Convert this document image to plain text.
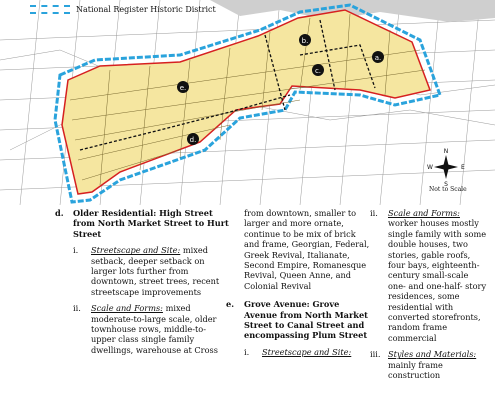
a.
b.
c.
d.
e.
N
S
E
W
National Register Historic District
Not to Scale
d.	Older Residential: High Street from North Market Street to Hurt Street
i.	Streetscape and Site: mixed setback, deeper setback on larger lots further from downtown, street trees, recent streetscape improvements
ii.	Scale and Forms: mixed moderate-to-large scale, older townhouse rows, middle-to-upper class single family dwellings, warehouse at Cross
from downtown, smaller to larger and more ornate, continue to be mix of brick and frame, Georgian, Federal, Greek Revival, Italianate, Second Empire, Romanesque Revival, Queen Anne, and Colonial Revival
e.	Grove Avenue: Grove Avenue from North Market Street to Canal Street and encompassing Plum Street
i.	Streetscape and Site:
ii.	Scale and Forms: worker houses mostly single family with some double houses, two stories, gable roofs, four bays, eighteenth- century small-scale one- and one-half- story residences, some residential with converted storefronts, random frame commercial
iii. Styles and Materials: mainly frame construction
